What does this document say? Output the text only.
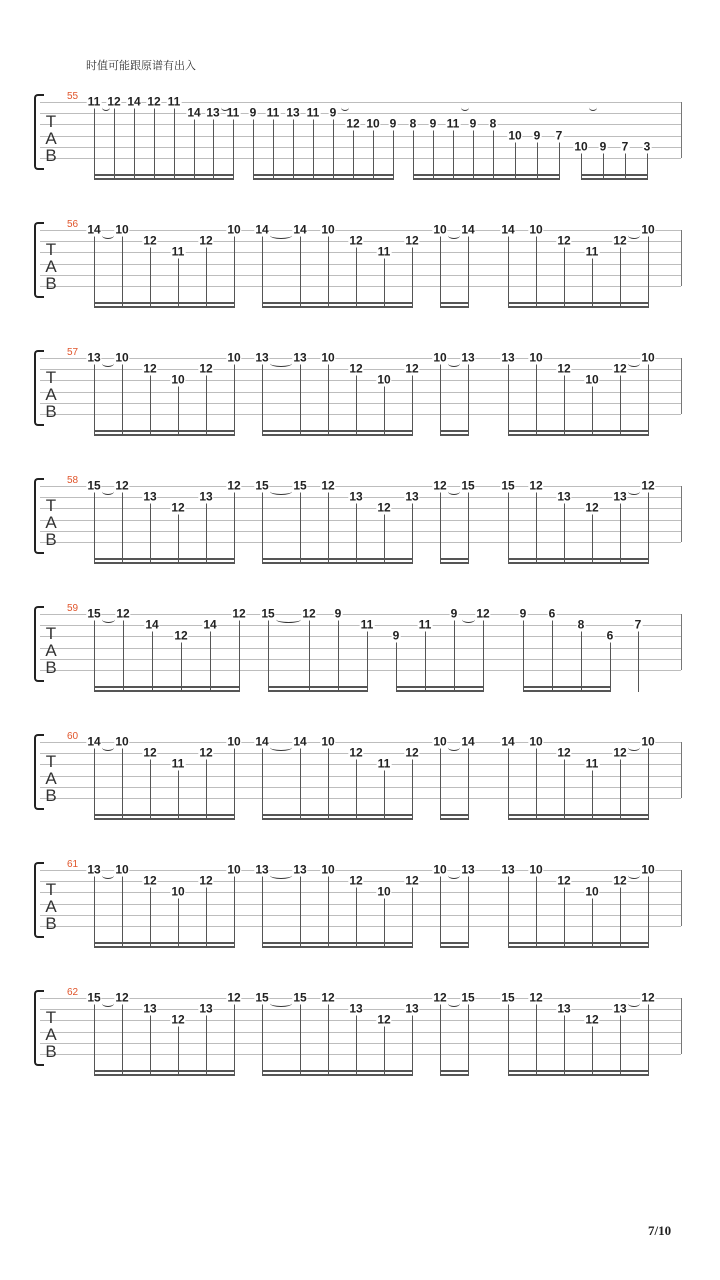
时值可能跟原谱有出入
55
T
A
B
11 12 14 12 11
14 13 11 9 11 13 11 9
12 10 9 8 9 11 9 8
10 9 7
10 9 7 3
56
T
A
B
14 10
12
11
12
10 14 14 10
12
11
12
10 14 14 10
12
11
12
10
57
T
A
B
13 10
12
10
12
10 13 13 10
12
10
12
10 13 13 10
12
10
12
10
58
T
A
B
15 12
13
12
13
12 15 15 12
13
12
13
12 15 15 12
13
12
13
12
59
T
A
B
15 12
14
12
14
12 15 12 9
11
9
11
9 12 9 6
8
6
7
60
T
A
B
14 10
12
11
12
10 14 14 10
12
11
12
10 14 14 10
12
11
12
10
61
T
A
B
13 10
12
10
12
10 13 13 10
12
10
12
10 13 13 10
12
10
12
10
62
T
A
B
15 12
13
12
13
12 15 15 12
13
12
13
12 15 15 12
13
12
13
12
7/10
